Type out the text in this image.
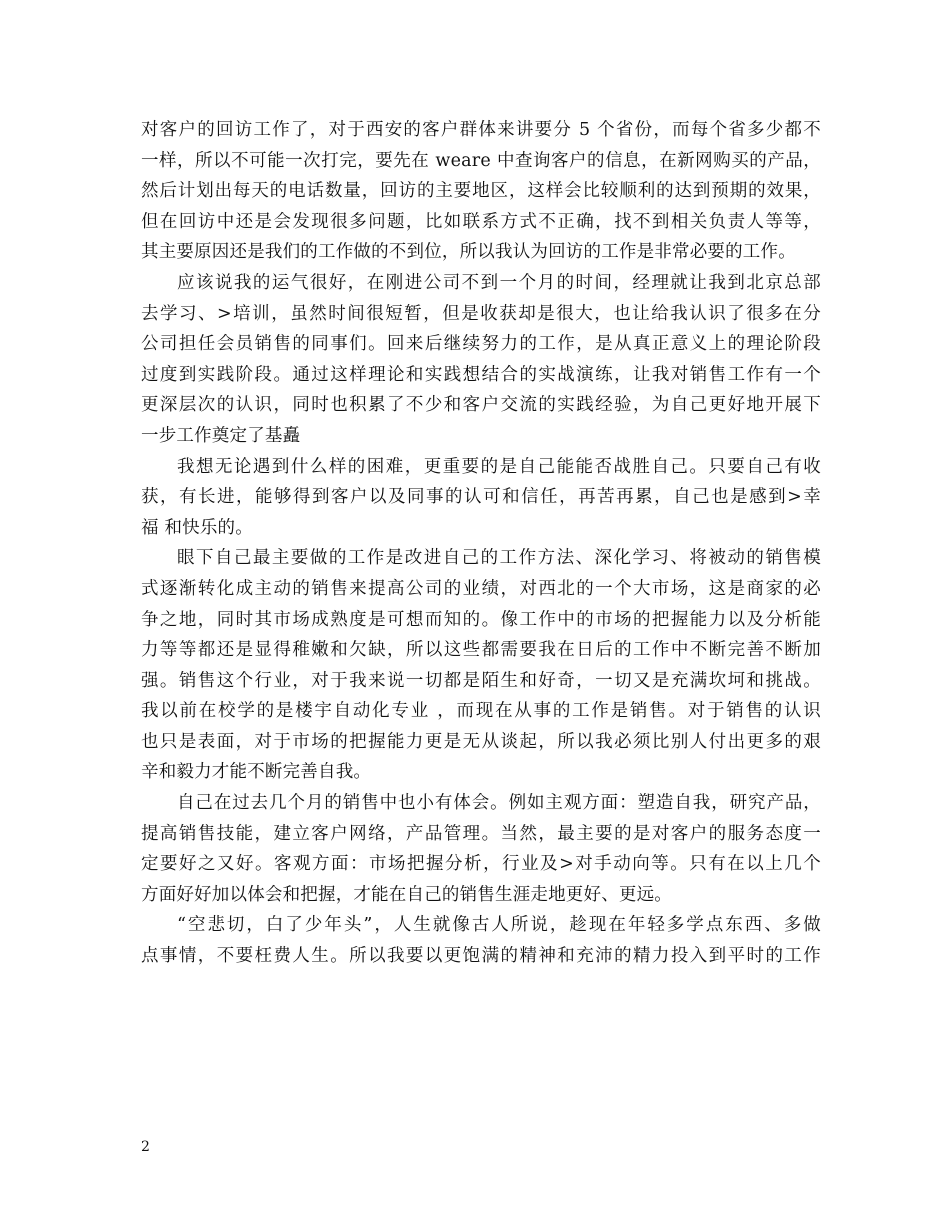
对客户的回访工作了，对于西安的客户群体来讲要分 5 个省份，而每个省多少都不
一样，所以不可能一次打完，要先在 weare 中查询客户的信息，在新网购买的产品，
然后计划出每天的电话数量，回访的主要地区，这样会比较顺利的达到预期的效果，
但在回访中还是会发现很多问题，比如联系方式不正确，找不到相关负责人等等，
其主要原因还是我们的工作做的不到位，所以我认为回访的工作是非常必要的工作。
应该说我的运气很好，在刚进公司不到一个月的时间，经理就让我到北京总部
去学习、>培训，虽然时间很短暂，但是收获却是很大，也让给我认识了很多在分
公司担任会员销售的同事们。回来后继续努力的工作，是从真正意义上的理论阶段
过度到实践阶段。通过这样理论和实践想结合的实战演练，让我对销售工作有一个
更深层次的认识，同时也积累了不少和客户交流的实践经验，为自己更好地开展下
一步工作奠定了基矗
我想无论遇到什么样的困难，更重要的是自己能能否战胜自己。只要自己有收
获，有长进，能够得到客户以及同事的认可和信任，再苦再累，自己也是感到>幸
福 和快乐的。
眼下自己最主要做的工作是改进自己的工作方法、深化学习、将被动的销售模
式逐渐转化成主动的销售来提高公司的业绩，对西北的一个大市场，这是商家的必
争之地，同时其市场成熟度是可想而知的。像工作中的市场的把握能力以及分析能
力等等都还是显得稚嫩和欠缺，所以这些都需要我在日后的工作中不断完善不断加
强。销售这个行业，对于我来说一切都是陌生和好奇，一切又是充满坎坷和挑战。
我以前在校学的是楼宇自动化专业 ，而现在从事的工作是销售。对于销售的认识
也只是表面，对于市场的把握能力更是无从谈起，所以我必须比别人付出更多的艰
辛和毅力才能不断完善自我。
自己在过去几个月的销售中也小有体会。例如主观方面：塑造自我，研究产品，
提高销售技能，建立客户网络，产品管理。当然，最主要的是对客户的服务态度一
定要好之又好。客观方面：市场把握分析，行业及>对手动向等。只有在以上几个
方面好好加以体会和把握，才能在自己的销售生涯走地更好、更远。
“空悲切，白了少年头”，人生就像古人所说，趁现在年轻多学点东西、多做
点事情，不要枉费人生。所以我要以更饱满的精神和充沛的精力投入到平时的工作
2
